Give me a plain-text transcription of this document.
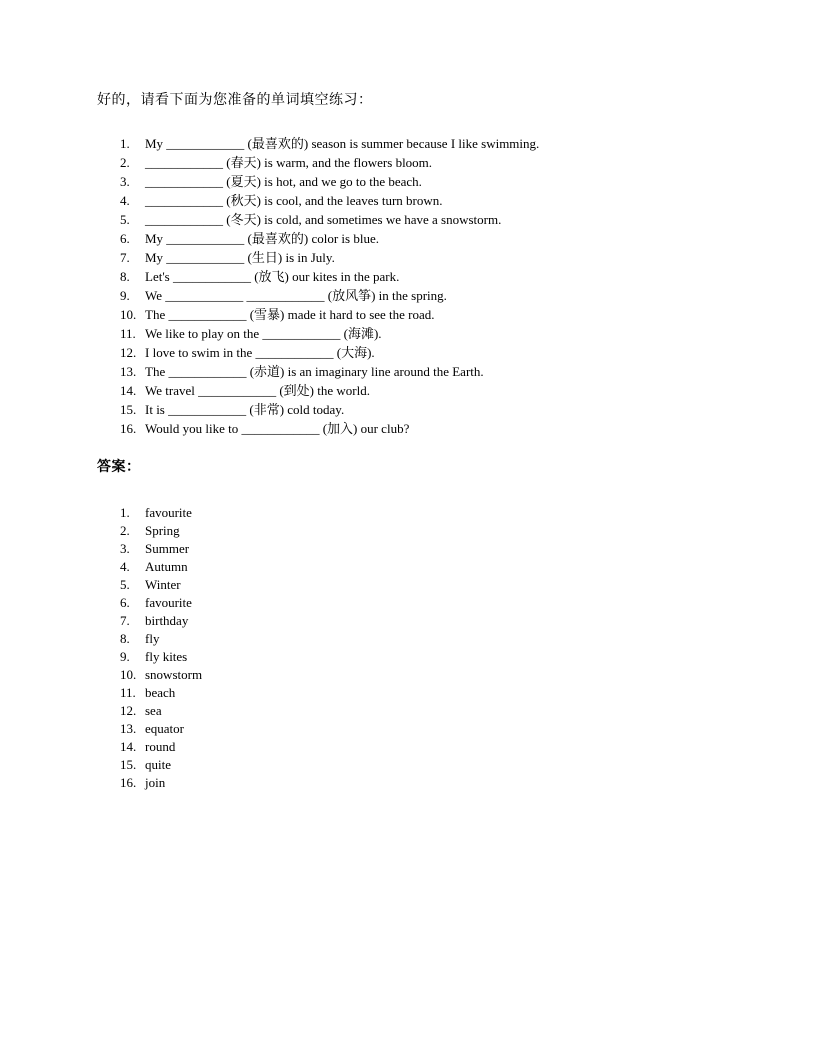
好的，请看下面为您准备的单词填空练习：

1.	My ____________ (最喜欢的) season is summer because I like swimming.
2.	____________ (春天) is warm, and the flowers bloom.
3.	____________ (夏天) is hot, and we go to the beach.
4.	____________ (秋天) is cool, and the leaves turn brown.
5.	____________ (冬天) is cold, and sometimes we have a snowstorm.
6.	My ____________ (最喜欢的) color is blue.
7.	My ____________ (生日) is in July.
8.	Let's ____________ (放飞) our kites in the park.
9.	We ____________ ____________ (放风筝) in the spring.
10. The ____________ (雪暴) made it hard to see the road.
11. We like to play on the ____________ (海滩).
12. I love to swim in the ____________ (大海).
13. The ____________ (赤道) is an imaginary line around the Earth.
14. We travel ____________ (到处) the world.
15. It is ____________ (非常) cold today.
16. Would you like to ____________ (加入) our club?

答案：

1.	favourite
2.	Spring
3.	Summer
4.	Autumn
5.	Winter
6.	favourite
7.	birthday
8.	fly
9.	fly kites
10. snowstorm
11. beach
12. sea
13. equator
14. round
15. quite
16. join
